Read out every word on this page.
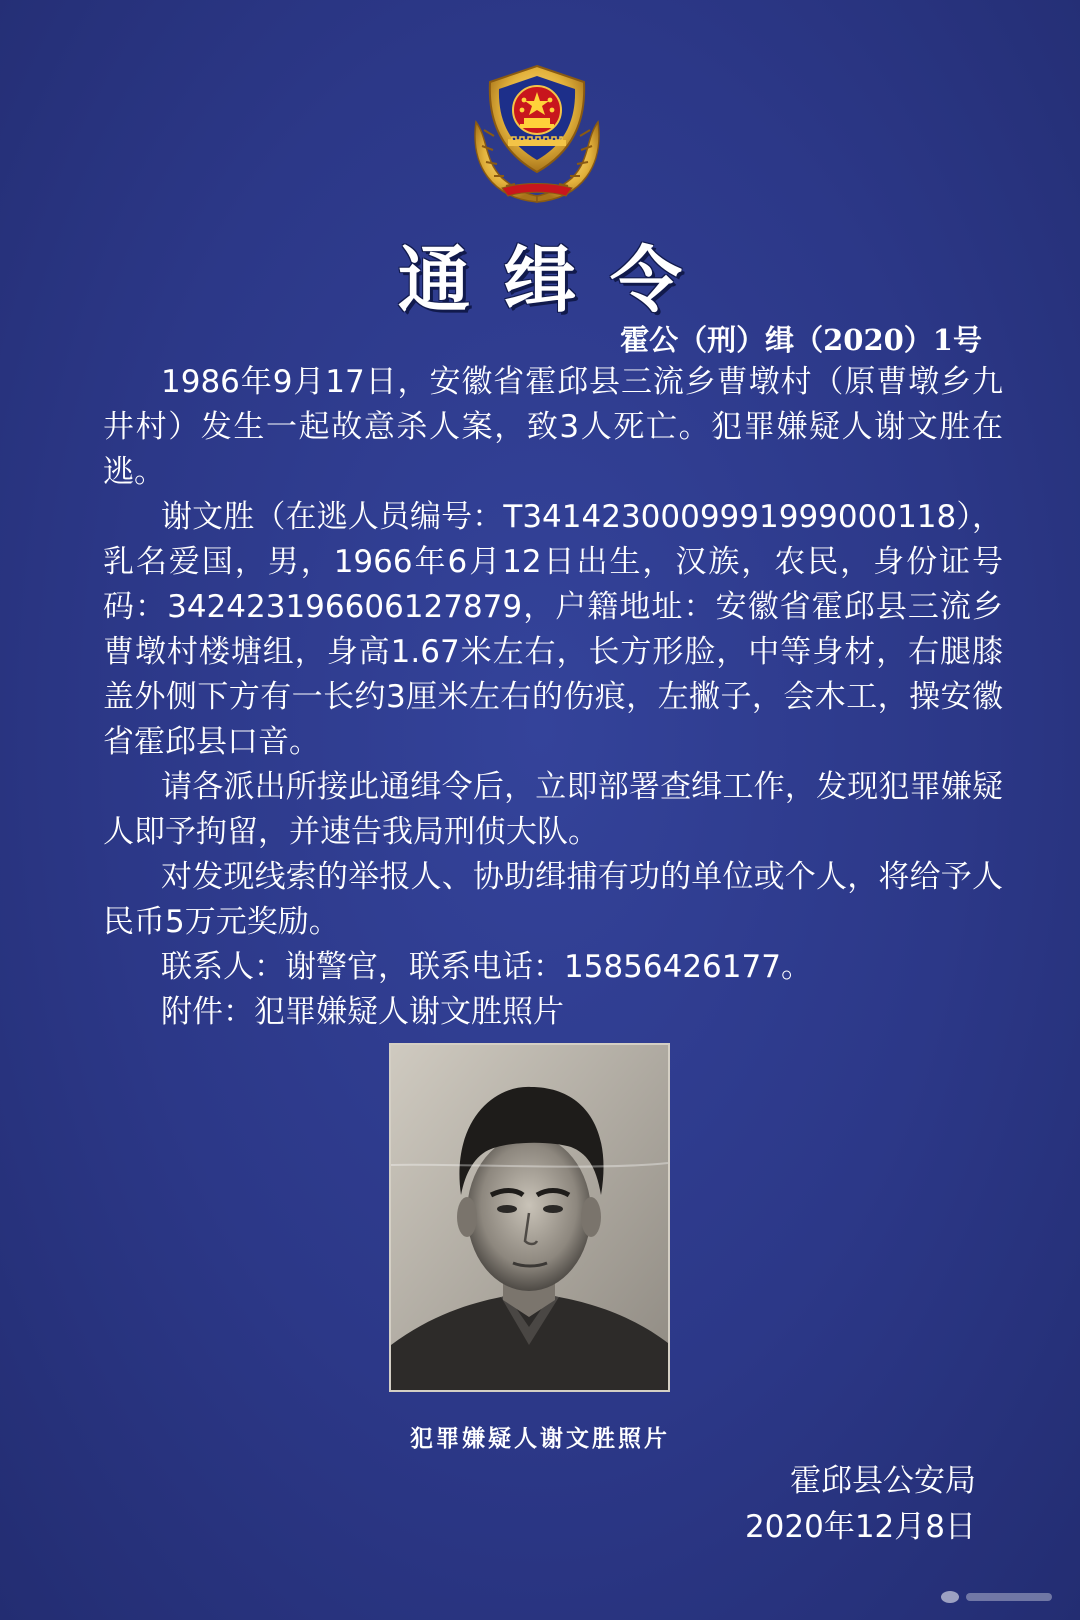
通缉令
霍公（刑）缉（2020）1号

1986年9月17日，安徽省霍邱县三流乡曹墩村（原曹墩乡九井村）发生一起故意杀人案，致3人死亡。犯罪嫌疑人谢文胜在逃。

谢文胜（在逃人员编号：T3414230009991999000118），乳名爱国，男，1966年6月12日出生，汉族，农民，身份证号码：342423196606127879，户籍地址：安徽省霍邱县三流乡曹墩村楼塘组，身高1.67米左右，长方形脸，中等身材，右腿膝盖外侧下方有一长约3厘米左右的伤痕，左撇子，会木工，操安徽省霍邱县口音。

请各派出所接此通缉令后，立即部署查缉工作，发现犯罪嫌疑人即予拘留，并速告我局刑侦大队。

对发现线索的举报人、协助缉捕有功的单位或个人，将给予人民币5万元奖励。

联系人：谢警官，联系电话：15856426177。

附件：犯罪嫌疑人谢文胜照片

犯罪嫌疑人谢文胜照片
霍邱县公安局
2020年12月8日
